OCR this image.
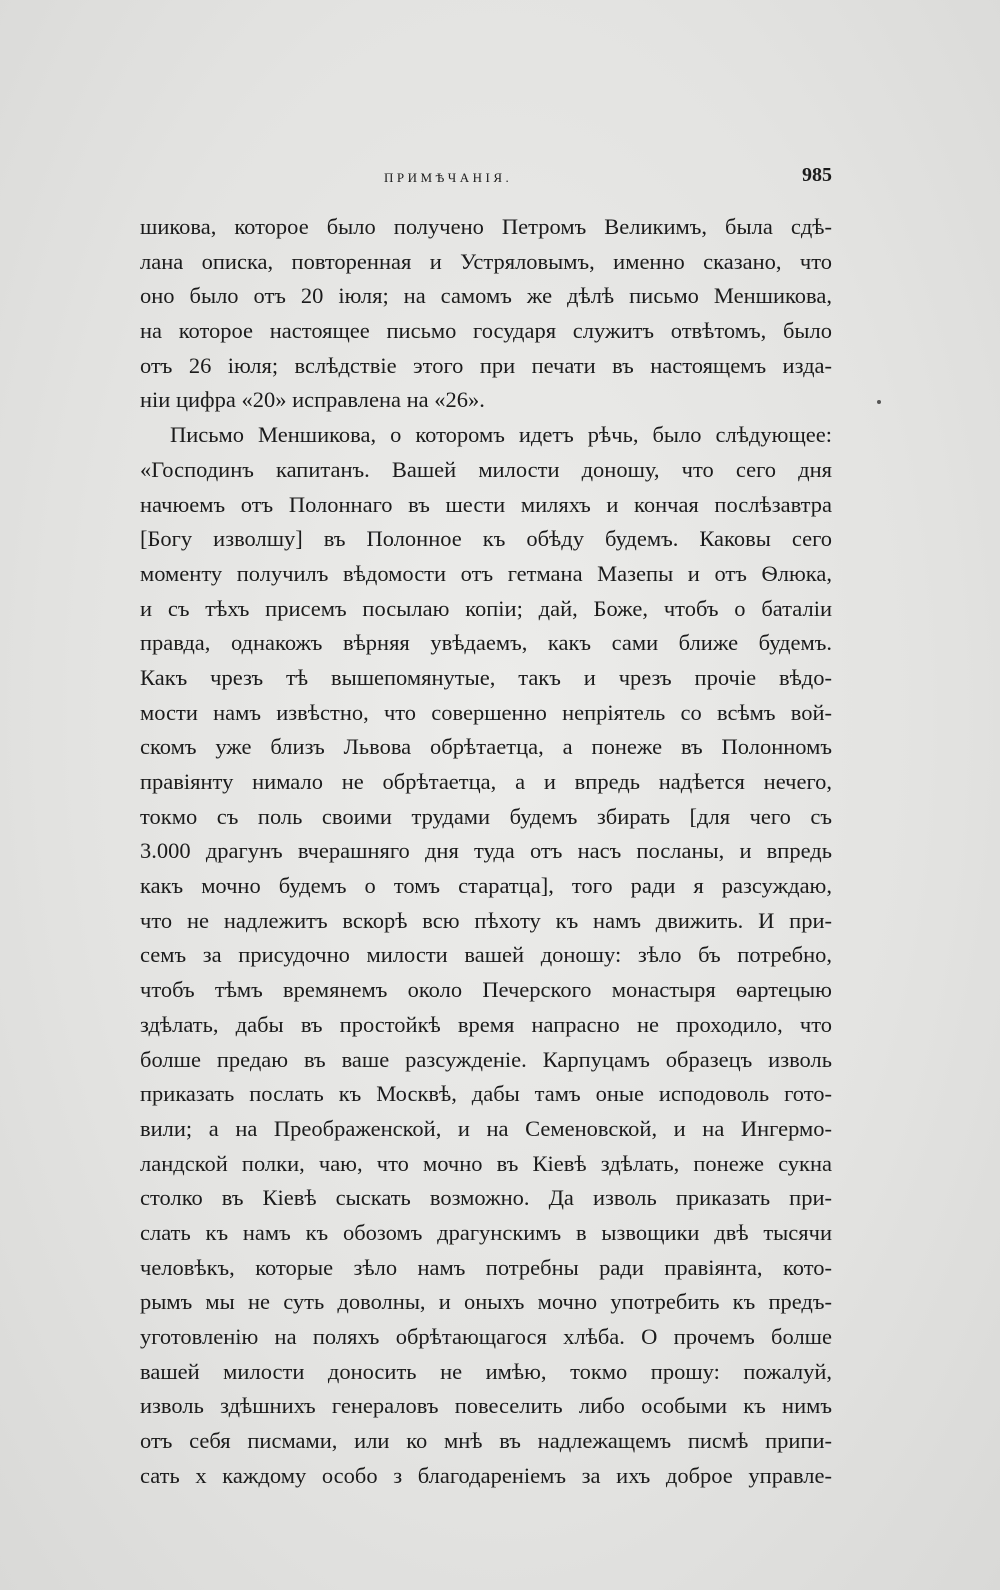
ПРИМѢЧАНІЯ.	985
шикова, которое было получено Петромъ Великимъ, была сдѣ-
лана описка, повторенная и Устряловымъ, именно сказано, что
оно было отъ 20 іюля; на самомъ же дѣлѣ письмо Меншикова,
на которое настоящее письмо государя служитъ отвѣтомъ, было
отъ 26 іюля; вслѣдствіе этого при печати въ настоящемъ изда-
ніи цифра «20» исправлена на «26».
Письмо Меншикова, о которомъ идетъ рѣчь, было слѣдующее:
«Господинъ капитанъ. Вашей милости доношу, что сего дня
начюемъ отъ Полоннаго въ шести миляхъ и кончая послѣзавтра
[Богу изволшу] въ Полонное къ обѣду будемъ. Каковы сего
моменту получилъ вѣдомости отъ гетмана Мазепы и отъ Ѳлюка,
и съ тѣхъ присемъ посылаю копіи; дай, Боже, чтобъ о баталіи
правда, однакожъ вѣрняя увѣдаемъ, какъ сами ближе будемъ.
Какъ чрезъ тѣ вышепомянутые, такъ и чрезъ прочіе вѣдо-
мости намъ извѣстно, что совершенно непріятель со всѣмъ вой-
скомъ уже близъ Львова обрѣтаетца, а понеже въ Полонномъ
правіянту нимало не обрѣтаетца, а и впредь надѣется нечего,
токмо съ поль своими трудами будемъ збирать [для чего съ
3.000 драгунъ вчерашняго дня туда отъ насъ посланы, и впредь
какъ мочно будемъ о томъ старатца], того ради я разсуждаю,
что не надлежитъ вскорѣ всю пѣхоту къ намъ движить. И при-
семъ за присудочно милости вашей доношу: зѣло бъ потребно,
чтобъ тѣмъ времянемъ около Печерского монастыря ѳартецыю
здѣлать, дабы въ простойкѣ время напрасно не проходило, что
болше предаю въ ваше разсужденіе. Карпуцамъ образецъ изволь
приказать послать къ Москвѣ, дабы тамъ оные исподоволь гото-
вили; а на Преображенской, и на Семеновской, и на Ингермо-
ландской полки, чаю, что мочно въ Кіевѣ здѣлать, понеже сукна
столко въ Кіевѣ сыскать возможно. Да изволь приказать при-
слать къ намъ къ обозомъ драгунскимъ в ызвощики двѣ тысячи
человѣкъ, которые зѣло намъ потребны ради правіянта, кото-
рымъ мы не суть доволны, и оныхъ мочно употребить къ предъ-
уготовленію на поляхъ обрѣтающагося хлѣба. О прочемъ болше
вашей милости доносить не имѣю, токмо прошу: пожалуй,
изволь здѣшнихъ генераловъ повеселить либо особыми къ нимъ
отъ себя писмами, или ко мнѣ въ надлежащемъ писмѣ припи-
сать х каждому особо з благодареніемъ за ихъ доброе управле-
